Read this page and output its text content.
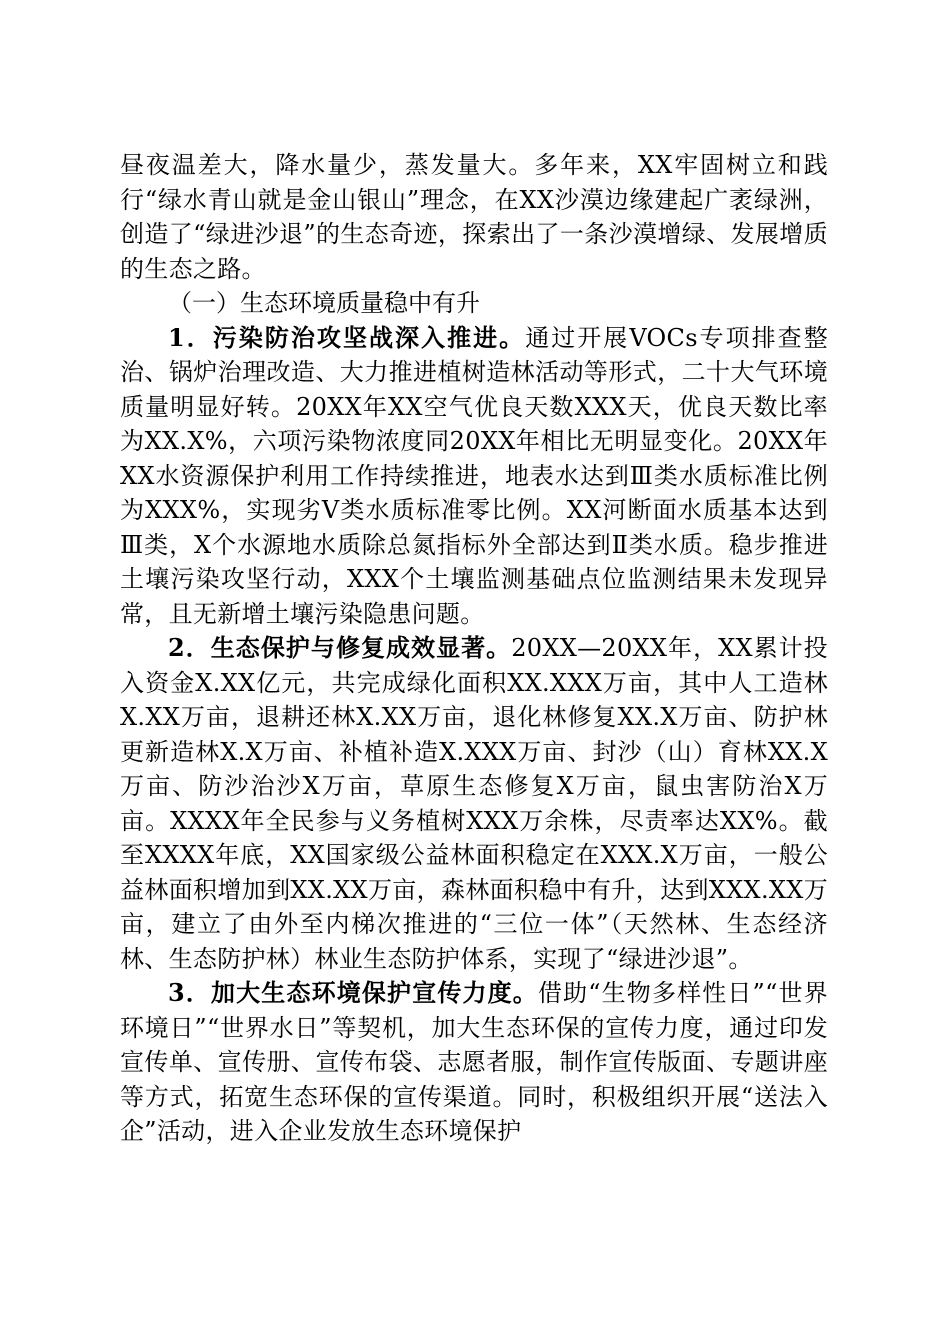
昼夜温差大，降水量少，蒸发量大。多年来，XX牢固树立和践行“绿水青山就是金山银山”理念，在XX沙漠边缘建起广袤绿洲，创造了“绿进沙退”的生态奇迹，探索出了一条沙漠增绿、发展增质的生态之路。

（一）生态环境质量稳中有升

1．污染防治攻坚战深入推进。通过开展VOCs专项排查整治、锅炉治理改造、大力推进植树造林活动等形式，二十大气环境质量明显好转。20XX年XX空气优良天数XXX天，优良天数比率为XX.X%，六项污染物浓度同20XX年相比无明显变化。20XX年XX水资源保护利用工作持续推进，地表水达到Ⅲ类水质标准比例为XXX%，实现劣Ⅴ类水质标准零比例。XX河断面水质基本达到Ⅲ类，X个水源地水质除总氮指标外全部达到Ⅱ类水质。稳步推进土壤污染攻坚行动，XXX个土壤监测基础点位监测结果未发现异常，且无新增土壤污染隐患问题。

2．生态保护与修复成效显著。20XX—20XX年，XX累计投入资金X.XX亿元，共完成绿化面积XX.XXX万亩，其中人工造林X.XX万亩，退耕还林X.XX万亩，退化林修复XX.X万亩、防护林更新造林X.X万亩、补植补造X.XXX万亩、封沙（山）育林XX.X万亩、防沙治沙X万亩，草原生态修复X万亩，鼠虫害防治X万亩。XXXX年全民参与义务植树XXX万余株，尽责率达XX%。截至XXXX年底，XX国家级公益林面积稳定在XXX.X万亩，一般公益林面积增加到XX.XX万亩，森林面积稳中有升，达到XXX.XX万亩，建立了由外至内梯次推进的“三位一体”（天然林、生态经济林、生态防护林）林业生态防护体系，实现了“绿进沙退”。

3．加大生态环境保护宣传力度。借助“生物多样性日”“世界环境日”“世界水日”等契机，加大生态环保的宣传力度，通过印发宣传单、宣传册、宣传布袋、志愿者服，制作宣传版面、专题讲座等方式，拓宽生态环保的宣传渠道。同时，积极组织开展“送法入企”活动，进入企业发放生态环境保护
